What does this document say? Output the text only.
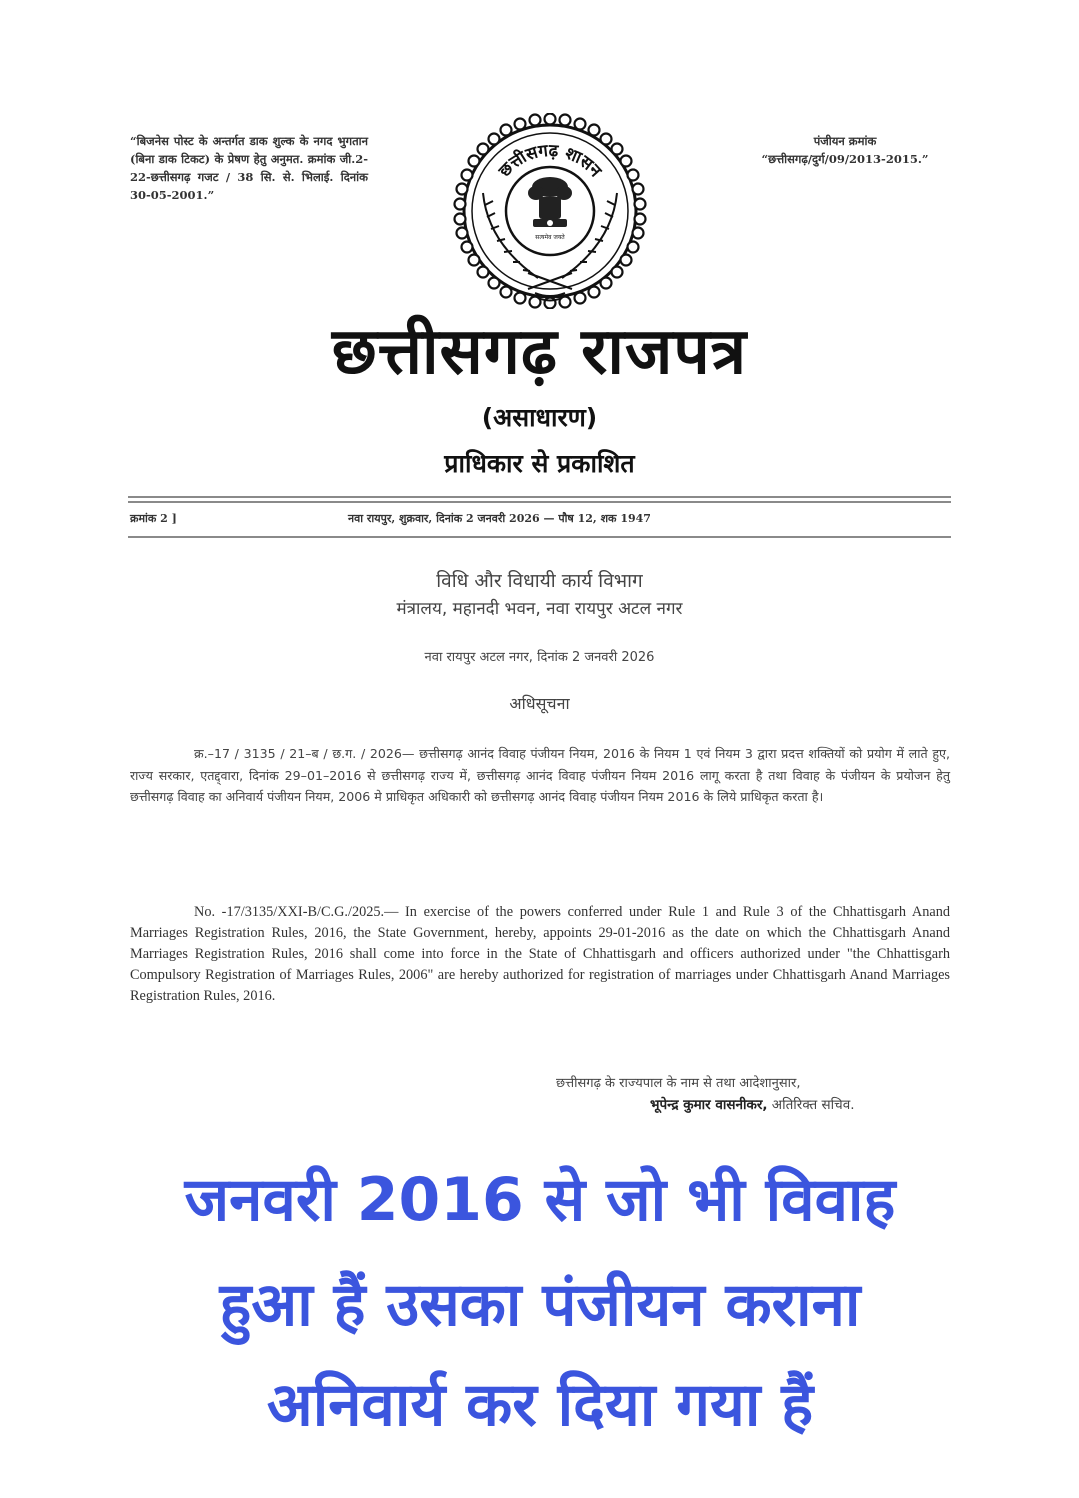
“बिजनेस पोस्ट के अन्तर्गत डाक शुल्क के नगद भुगतान (बिना डाक टिकट) के प्रेषण हेतु अनुमत. क्रमांक जी.2-22-छत्तीसगढ़ गजट / 38 सि. से. भिलाई. दिनांक 30-05-2001.”
पंजीयन क्रमांक
“छत्तीसगढ़/दुर्ग/09/2013-2015.”
छत्तीसगढ़ शासन
सत्यमेव जयते
छत्तीसगढ़ राजपत्र
(असाधारण)
प्राधिकार से प्रकाशित
क्रमांक 2 ]	नवा रायपुर, शुक्रवार, दिनांक 2 जनवरी 2026 — पौष 12, शक 1947
विधि और विधायी कार्य विभाग
मंत्रालय, महानदी भवन, नवा रायपुर अटल नगर
नवा रायपुर अटल नगर, दिनांक 2 जनवरी 2026
अधिसूचना
क्र.–17 / 3135 / 21–ब / छ.ग. / 2026— छत्तीसगढ़ आनंद विवाह पंजीयन नियम, 2016 के नियम 1 एवं नियम 3 द्वारा प्रदत्त शक्तियों को प्रयोग में लाते हुए, राज्य सरकार, एतद्द्वारा, दिनांक 29–01–2016 से छत्तीसगढ़ राज्य में, छत्तीसगढ़ आनंद विवाह पंजीयन नियम 2016 लागू करता है तथा विवाह के पंजीयन के प्रयोजन हेतु छत्तीसगढ़ विवाह का अनिवार्य पंजीयन नियम, 2006 मे प्राधिकृत अधिकारी को छत्तीसगढ़ आनंद विवाह पंजीयन नियम 2016 के लिये प्राधिकृत करता है।
No. -17/3135/XXI-B/C.G./2025.— In exercise of the powers conferred under Rule 1 and Rule 3 of the Chhattisgarh Anand Marriages Registration Rules, 2016, the State Government, hereby, appoints 29-01-2016 as the date on which the Chhattisgarh Anand Marriages Registration Rules, 2016 shall come into force in the State of Chhattisgarh and officers authorized under "the Chhattisgarh Compulsory Registration of Marriages Rules, 2006" are hereby authorized for registration of marriages under Chhattisgarh Anand Marriages Registration Rules, 2016.
छत्तीसगढ़ के राज्यपाल के नाम से तथा आदेशानुसार,
भूपेन्द्र कुमार वासनीकर, अतिरिक्त सचिव.
जनवरी 2016 से जो भी विवाह
हुआ हैं उसका पंजीयन कराना
अनिवार्य कर दिया गया हैं
